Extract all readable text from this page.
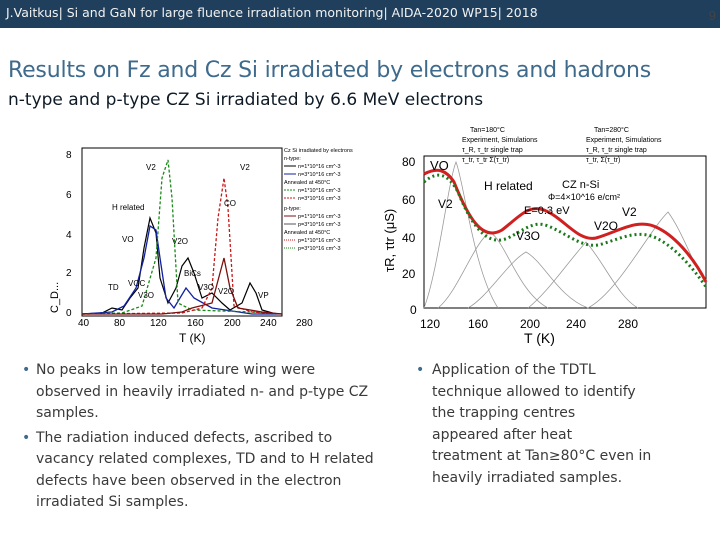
J.Vaitkus| Si and GaN for large fluence irradiation monitoring| AIDA-2020 WP15| 2018	9
Results on Fz and Cz Si irradiated by electrons and hadrons
n-type and p-type CZ Si irradiated by 6.6 MeV electrons
8
6
4
2
0
40 80 120 160 200 240 280
T (K)
C_D...
V2	V2
H related	CO
VO	V2O
BiCs
VOC
TD	V3O V2O
V3O	VP
Cz Si irradiated by electrons
n-type:
n=1*10^16 cm^-3
n=3*10^16 cm^-3
Annealed at 450°C
n=1*10^16 cm^-3
n=3*10^16 cm^-3
p-type:
p=1*10^16 cm^-3
p=3*10^16 cm^-3
Annealed at 450°C
p=1*10^16 cm^-3
p=3*10^16 cm^-3
Tan=180°C
Experiment, Simulations
τ_R, τ_tr single trap
τ_tr, τ_tr Σ(τ_tr)
Tan=280°C
Experiment, Simulations
τ_R, τ_tr single trap
τ_tr, Σ(τ_tr)
80
60
40
20
0
120 160	200 240	280
T (K)
τR, τtr (μS)
VO
H related
V2	E=0.3 eV
V3O
V2O
V2
CZ n-Si
Φ=4×10^16 e/cm²

• No peaks in low temperature wing were
observed in heavily irradiated n- and p-type CZ
samples.

• The radiation induced defects, ascribed to
vacancy related complexes, TD and to H related
defects have been observed in the electron
irradiated Si samples.

• Application of the TDTL
technique allowed to identify
the trapping centres
appeared after heat
treatment at Tan≥80°C even in
heavily irradiated samples.
